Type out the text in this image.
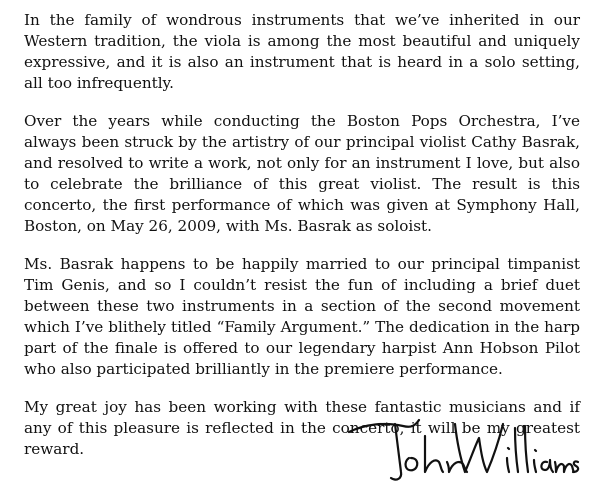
In the family of wondrous instruments that we’ve inherited in our Western tradition, the viola is among the most beautiful and uniquely expressive, and it is also an instrument that is heard in a solo setting, all too infrequently.

Over the years while conducting the Boston Pops Orchestra, I’ve always been struck by the artistry of our principal violist Cathy Basrak, and resolved to write a work, not only for an instrument I love, but also to celebrate the brilliance of this great violist. The result is this concerto, the first performance of which was given at Symphony Hall, Boston, on May 26, 2009, with Ms. Basrak as soloist.

Ms. Basrak happens to be happily married to our principal timpanist Tim Genis, and so I couldn’t resist the fun of including a brief duet between these two instruments in a section of the second movement which I’ve blithely titled “Family Argument.” The dedication in the harp part of the finale is offered to our legendary harpist Ann Hobson Pilot who also participated brilliantly in the premiere performance.

My great joy has been working with these fantastic musicians and if any of this pleasure is reflected in the concerto, it will be my greatest reward.
